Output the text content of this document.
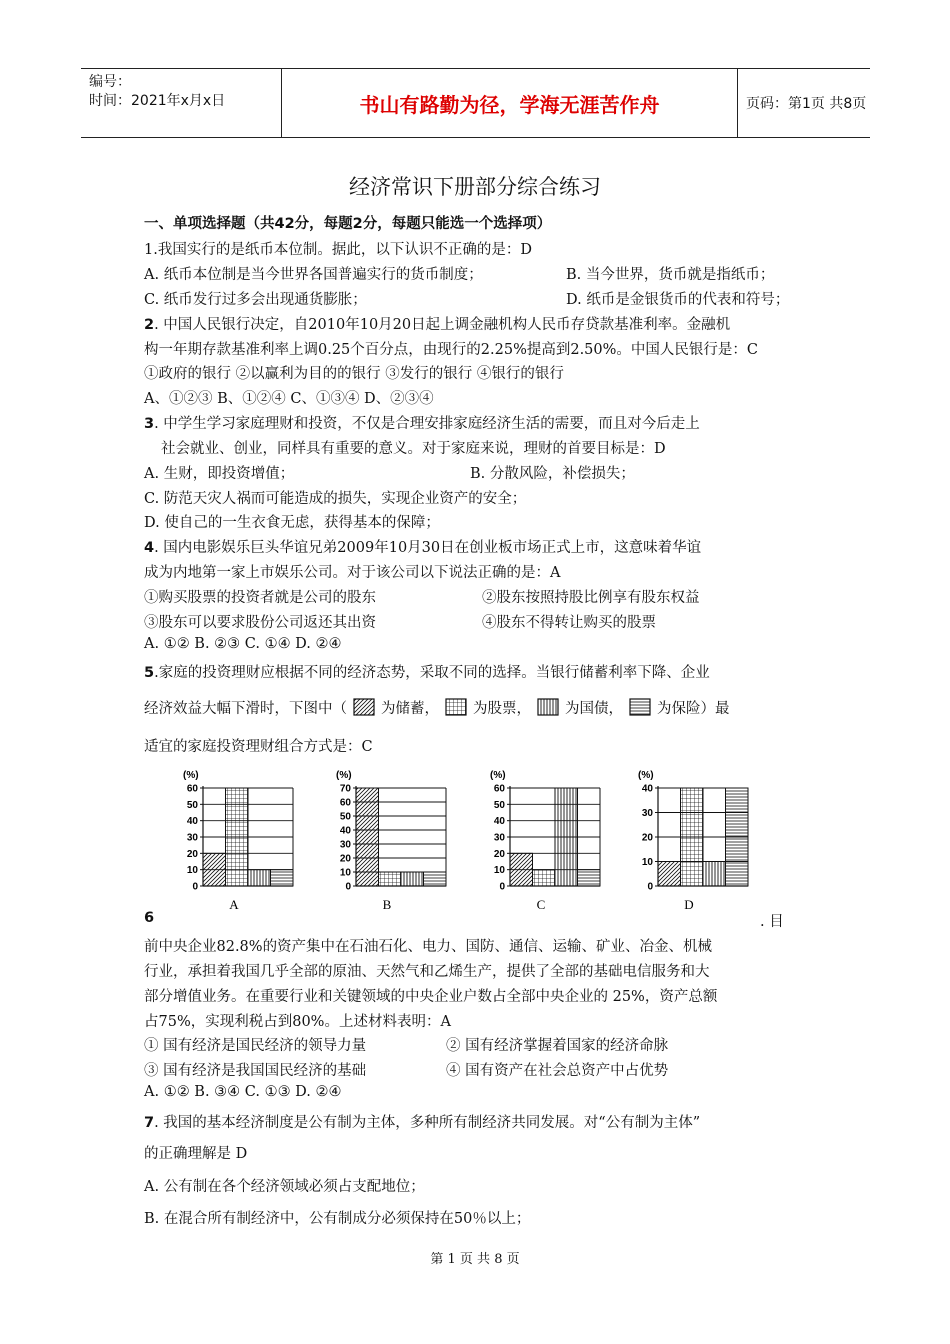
编号：
时间：2021年x月x日	书山有路勤为径，学海无涯苦作舟	页码：第1页 共8页
经济常识下册部分综合练习
一、单项选择题（共42分，每题2分，每题只能选一个选择项）
1.我国实行的是纸币本位制。据此，以下认识不正确的是：D
A. 纸币本位制是当今世界各国普遍实行的货币制度；	B. 当今世界，货币就是指纸币；
C. 纸币发行过多会出现通货膨胀；	D. 纸币是金银货币的代表和符号；
2. 中国人民银行决定，自2010年10月20日起上调金融机构人民币存贷款基准利率。金融机
构一年期存款基准利率上调0.25个百分点，由现行的2.25%提高到2.50%。中国人民银行是：C
①政府的银行 ②以赢利为目的的银行 ③发行的银行 ④银行的银行
A、①②③ B、①②④ C、①③④ D、②③④
3. 中学生学习家庭理财和投资，不仅是合理安排家庭经济生活的需要，而且对今后走上
社会就业、创业，同样具有重要的意义。对于家庭来说，理财的首要目标是：D
A. 生财，即投资增值；	B. 分散风险，补偿损失；
C. 防范天灾人祸而可能造成的损失，实现企业资产的安全；
D. 使自己的一生衣食无虑，获得基本的保障；
4. 国内电影娱乐巨头华谊兄弟2009年10月30日在创业板市场正式上市，这意味着华谊
成为内地第一家上市娱乐公司。对于该公司以下说法正确的是：A
①购买股票的投资者就是公司的股东	②股东按照持股比例享有股东权益
③股东可以要求股份公司返还其出资	④股东不得转让购买的股票
A. ①② B. ②③ C. ①④ D. ②④
5.家庭的投资理财应根据不同的经济态势，采取不同的选择。当银行储蓄利率下降、企业
经济效益大幅下滑时，下图中（ 为储蓄， 为股票， 为国债， 为保险）最
适宜的家庭投资理财组合方式是：C
(%)
0
10
20
30
40
50
60
A
(%)
0
10
20
30
40
50
60
70
B
(%)
0
10
20
30
40
50
60
C
(%)
0
10
20
30
40
D
6	. 目
前中央企业82.8%的资产集中在石油石化、电力、国防、通信、运输、矿业、冶金、机械
行业，承担着我国几乎全部的原油、天然气和乙烯生产，提供了全部的基础电信服务和大
部分增值业务。在重要行业和关键领域的中央企业户数占全部中央企业的 25%，资产总额
占75%，实现利税占到80%。上述材料表明：A
① 国有经济是国民经济的领导力量	② 国有经济掌握着国家的经济命脉
③ 国有经济是我国国民经济的基础	④ 国有资产在社会总资产中占优势
A. ①② B. ③④ C. ①③ D. ②④
7. 我国的基本经济制度是公有制为主体，多种所有制经济共同发展。对“公有制为主体”
的正确理解是 D
A. 公有制在各个经济领域必须占支配地位；
B. 在混合所有制经济中，公有制成分必须保持在50％以上；
第 1 页 共 8 页
